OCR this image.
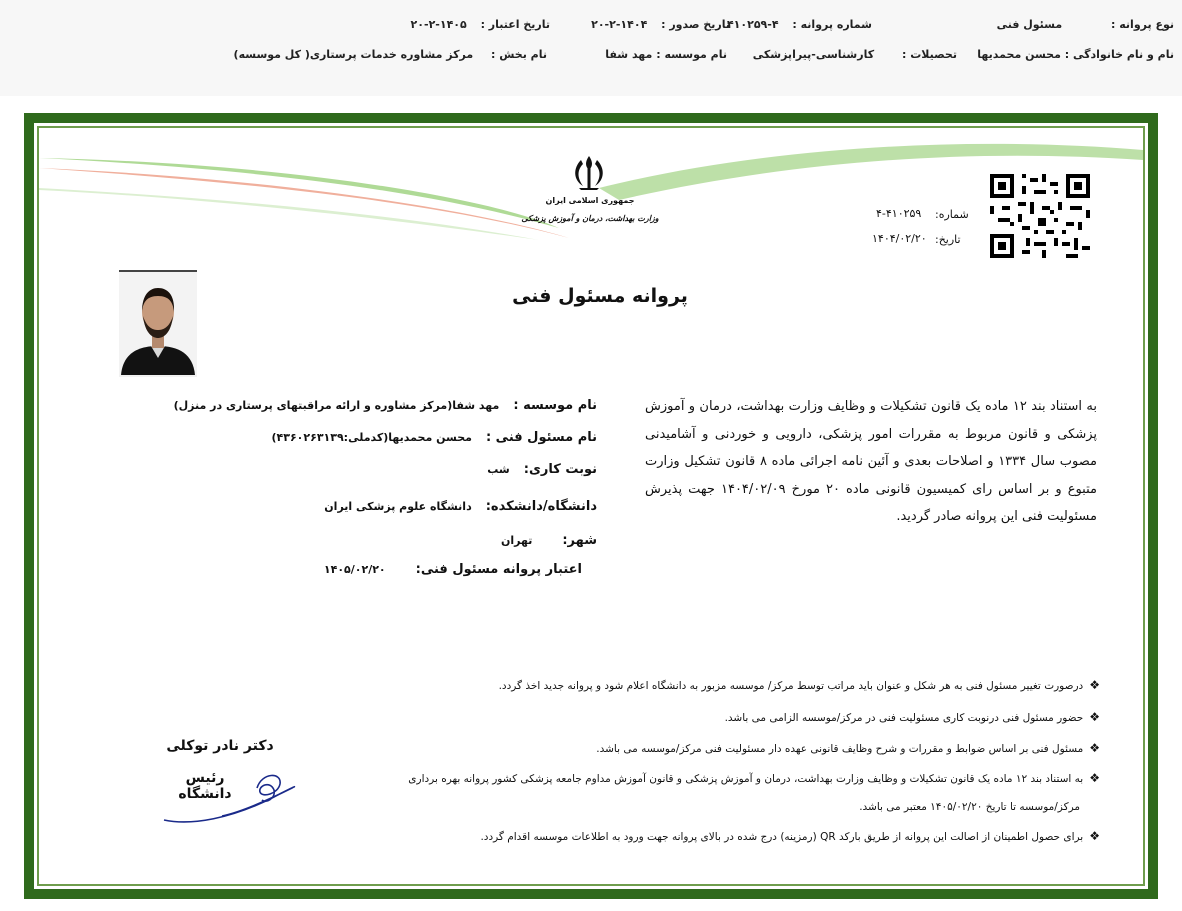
نوع پروانه : مسئول فنی
شماره پروانه : ۴-۴۱۰۲۵۹
تاریخ صدور : ۱۴۰۴-۲-۲۰
تاریخ اعتبار : ۱۴۰۵-۲-۲۰
نام و نام خانوادگی : محسن محمدیها
تحصیلات : کارشناسی-پیراپزشکی
نام موسسه : مهد شفا
نام بخش : مرکز مشاوره خدمات پرستاری( کل موسسه)
جمهوری اسلامی ایران
وزارت بهداشت، درمان و آموزش پزشکی	شماره:
۴-۴۱۰۲۵۹
تاریخ:
۱۴۰۴/۰۲/۲۰
پروانه مسئول فنی
به استناد بند ۱۲ ماده یک قانون تشکیلات و وظایف وزارت بهداشت، درمان و آموزش پزشکی و قانون مربوط به مقررات امور پزشکی، دارویی و خوردنی و آشامیدنی مصوب سال ۱۳۳۴ و اصلاحات بعدی و آئین نامه اجرائی ماده ۸ قانون تشکیل وزارت متبوع و بر اساس رای کمیسیون قانونی ماده ۲۰ مورخ ۱۴۰۴/۰۲/۰۹ جهت پذیرش مسئولیت فنی این پروانه صادر گردید.
نام موسسه :مهد شفا(مرکز مشاوره و ارائه مراقبتهای پرستاری در منزل)
نام مسئول فنی :محسن محمدیها(کدملی:۴۳۶۰۲۶۳۱۳۹)
نوبت کاری:شب
دانشگاه/دانشکده:دانشگاه علوم پزشکی ایران
شهر:تهران
اعتبار پروانه مسئول فنی:۱۴۰۵/۰۲/۲۰
❖درصورت تغییر مسئول فنی به هر شکل و عنوان باید مراتب توسط مرکز/ موسسه مزبور به دانشگاه اعلام شود و پروانه جدید اخذ گردد.
❖حضور مسئول فنی درنوبت کاری مسئولیت فنی در مرکز/موسسه الزامی می باشد.
❖مسئول فنی بر اساس ضوابط و مقررات و شرح وظایف قانونی عهده دار مسئولیت فنی مرکز/موسسه می باشد.
❖به استناد بند ۱۲ ماده یک قانون تشکیلات و وظایف وزارت بهداشت، درمان و آموزش پزشکی و قانون آموزش مداوم جامعه پزشکی کشور پروانه بهره برداری
مرکز/موسسه تا تاریخ ۱۴۰۵/۰۲/۲۰ معتبر می باشد.
❖برای حصول اطمینان از اصالت این پروانه از طریق بارکد QR (رمزینه) درج شده در بالای پروانه جهت ورود به اطلاعات موسسه اقدام گردد.
دکتر نادر توکلی
رئیس دانشگاه
